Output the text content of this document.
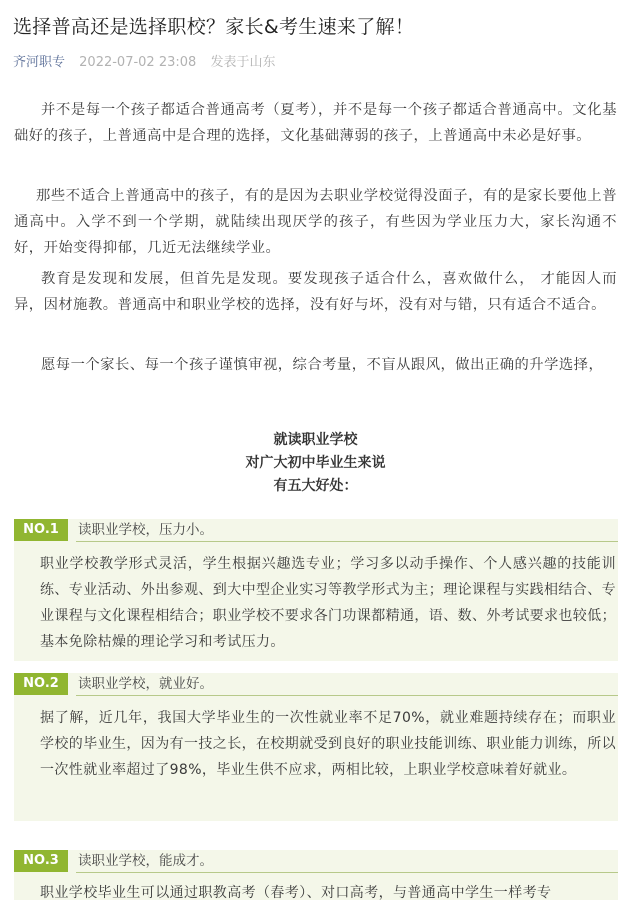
选择普高还是选择职校？家长&考生速来了解！
齐河职专 2022-07-02 23:08 发表于山东
并不是每一个孩子都适合普通高考（夏考），并不是每一个孩子都适合普通高中。文化基础好的孩子，上普通高中是合理的选择，文化基础薄弱的孩子，上普通高中未必是好事。
那些不适合上普通高中的孩子，有的是因为去职业学校觉得没面子，有的是家长要他上普通高中。入学不到一个学期，就陆续出现厌学的孩子，有些因为学业压力大，家长沟通不好，开始变得抑郁，几近无法继续学业。
教育是发现和发展，但首先是发现。要发现孩子适合什么，喜欢做什么， 才能因人而异，因材施教。普通高中和职业学校的选择，没有好与坏，没有对与错，只有适合不适合。
愿每一个家长、每一个孩子谨慎审视，综合考量，不盲从跟风，做出正确的升学选择，
就读职业学校
对广大初中毕业生来说
有五大好处：
NO.1	读职业学校，压力小。
职业学校教学形式灵活，学生根据兴趣选专业；学习多以动手操作、个人感兴趣的技能训练、专业活动、外出参观、到大中型企业实习等教学形式为主；理论课程与实践相结合、专业课程与文化课程相结合；职业学校不要求各门功课都精通，语、数、外考试要求也较低；基本免除枯燥的理论学习和考试压力。
NO.2	读职业学校，就业好。
据了解，近几年，我国大学毕业生的一次性就业率不足70%，就业难题持续存在；而职业学校的毕业生，因为有一技之长，在校期就受到良好的职业技能训练、职业能力训练，所以一次性就业率超过了98%，毕业生供不应求，两相比较，上职业学校意味着好就业。
NO.3	读职业学校，能成才。
职业学校毕业生可以通过职教高考（春考）、对口高考，与普通高中学生一样考专
